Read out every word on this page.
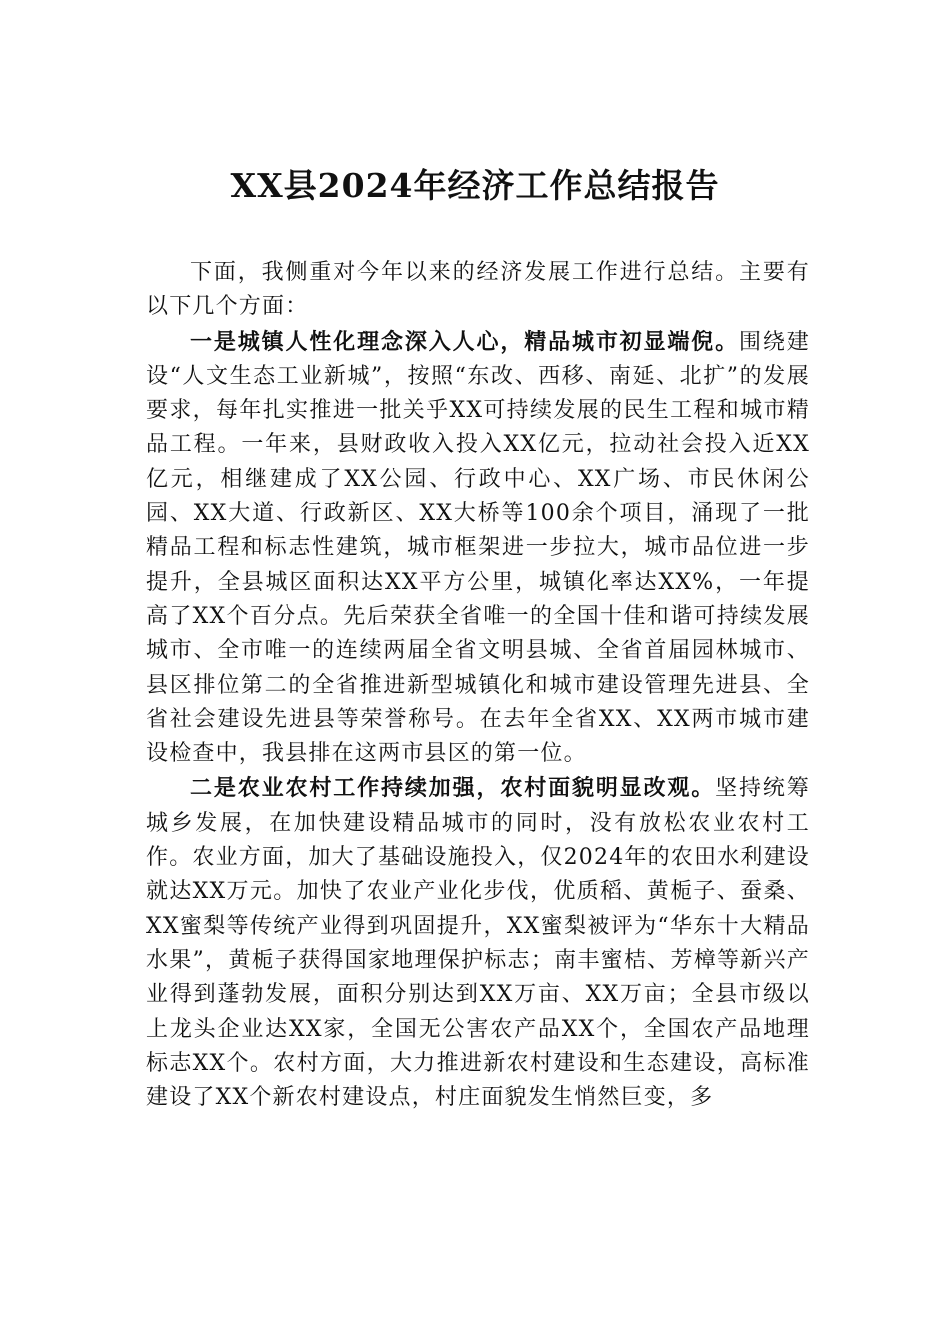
XX县2024年经济工作总结报告

下面，我侧重对今年以来的经济发展工作进行总结。主要有以下几个方面：

一是城镇人性化理念深入人心，精品城市初显端倪。围绕建设“人文生态工业新城”，按照“东改、西移、南延、北扩”的发展要求，每年扎实推进一批关乎XX可持续发展的民生工程和城市精品工程。一年来，县财政收入投入XX亿元，拉动社会投入近XX亿元，相继建成了XX公园、行政中心、XX广场、市民休闲公园、XX大道、行政新区、XX大桥等100余个项目，涌现了一批精品工程和标志性建筑，城市框架进一步拉大，城市品位进一步提升，全县城区面积达XX平方公里，城镇化率达XX%，一年提高了XX个百分点。先后荣获全省唯一的全国十佳和谐可持续发展城市、全市唯一的连续两届全省文明县城、全省首届园林城市、县区排位第二的全省推进新型城镇化和城市建设管理先进县、全省社会建设先进县等荣誉称号。在去年全省XX、XX两市城市建设检查中，我县排在这两市县区的第一位。

二是农业农村工作持续加强，农村面貌明显改观。坚持统筹城乡发展，在加快建设精品城市的同时，没有放松农业农村工作。农业方面，加大了基础设施投入，仅2024年的农田水利建设就达XX万元。加快了农业产业化步伐，优质稻、黄栀子、蚕桑、XX蜜梨等传统产业得到巩固提升，XX蜜梨被评为“华东十大精品水果”，黄栀子获得国家地理保护标志；南丰蜜桔、芳樟等新兴产业得到蓬勃发展，面积分别达到XX万亩、XX万亩；全县市级以上龙头企业达XX家，全国无公害农产品XX个，全国农产品地理标志XX个。农村方面，大力推进新农村建设和生态建设，高标准建设了XX个新农村建设点，村庄面貌发生悄然巨变，多
